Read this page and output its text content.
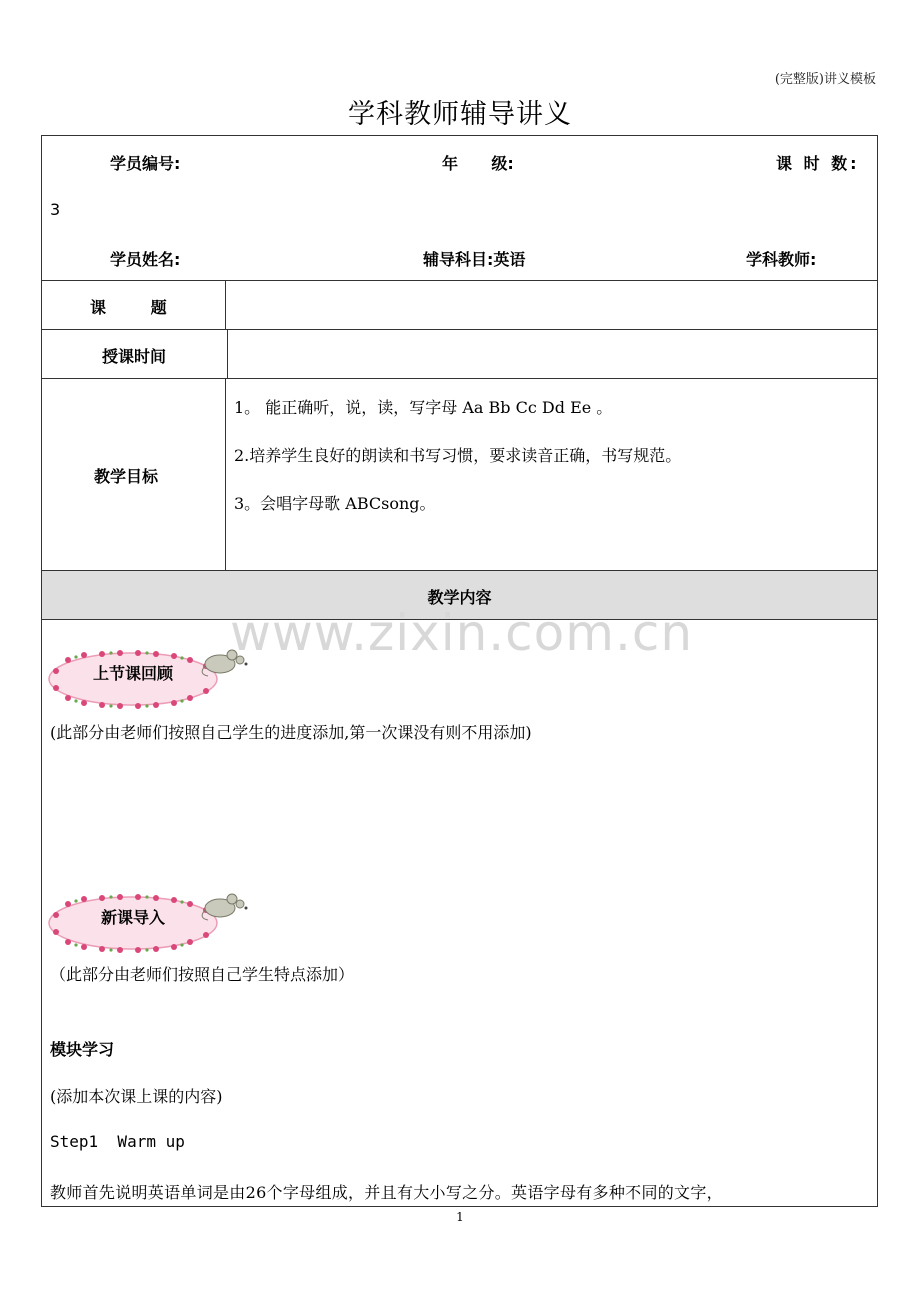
(完整版)讲义模板
学科教师辅导讲义
学员编号:	年      级:	课 时 数:
3
学员姓名:	辅导科目:英语	学科教师:
课        题
授课时间
教学目标
1。 能正确听，说，读，写字母 Aa Bb Cc Dd Ee 。
2.培养学生良好的朗读和书写习惯，要求读音正确，书写规范。
3。会唱字母歌 ABCsong。
教学内容
上节课回顾
(此部分由老师们按照自己学生的进度添加,第一次课没有则不用添加)
新课导入
（此部分由老师们按照自己学生特点添加）
模块学习
(添加本次课上课的内容)
Step1  Warm up
教师首先说明英语单词是由26个字母组成，并且有大小写之分。英语字母有多种不同的文字，
www.zixin.com.cn
1
